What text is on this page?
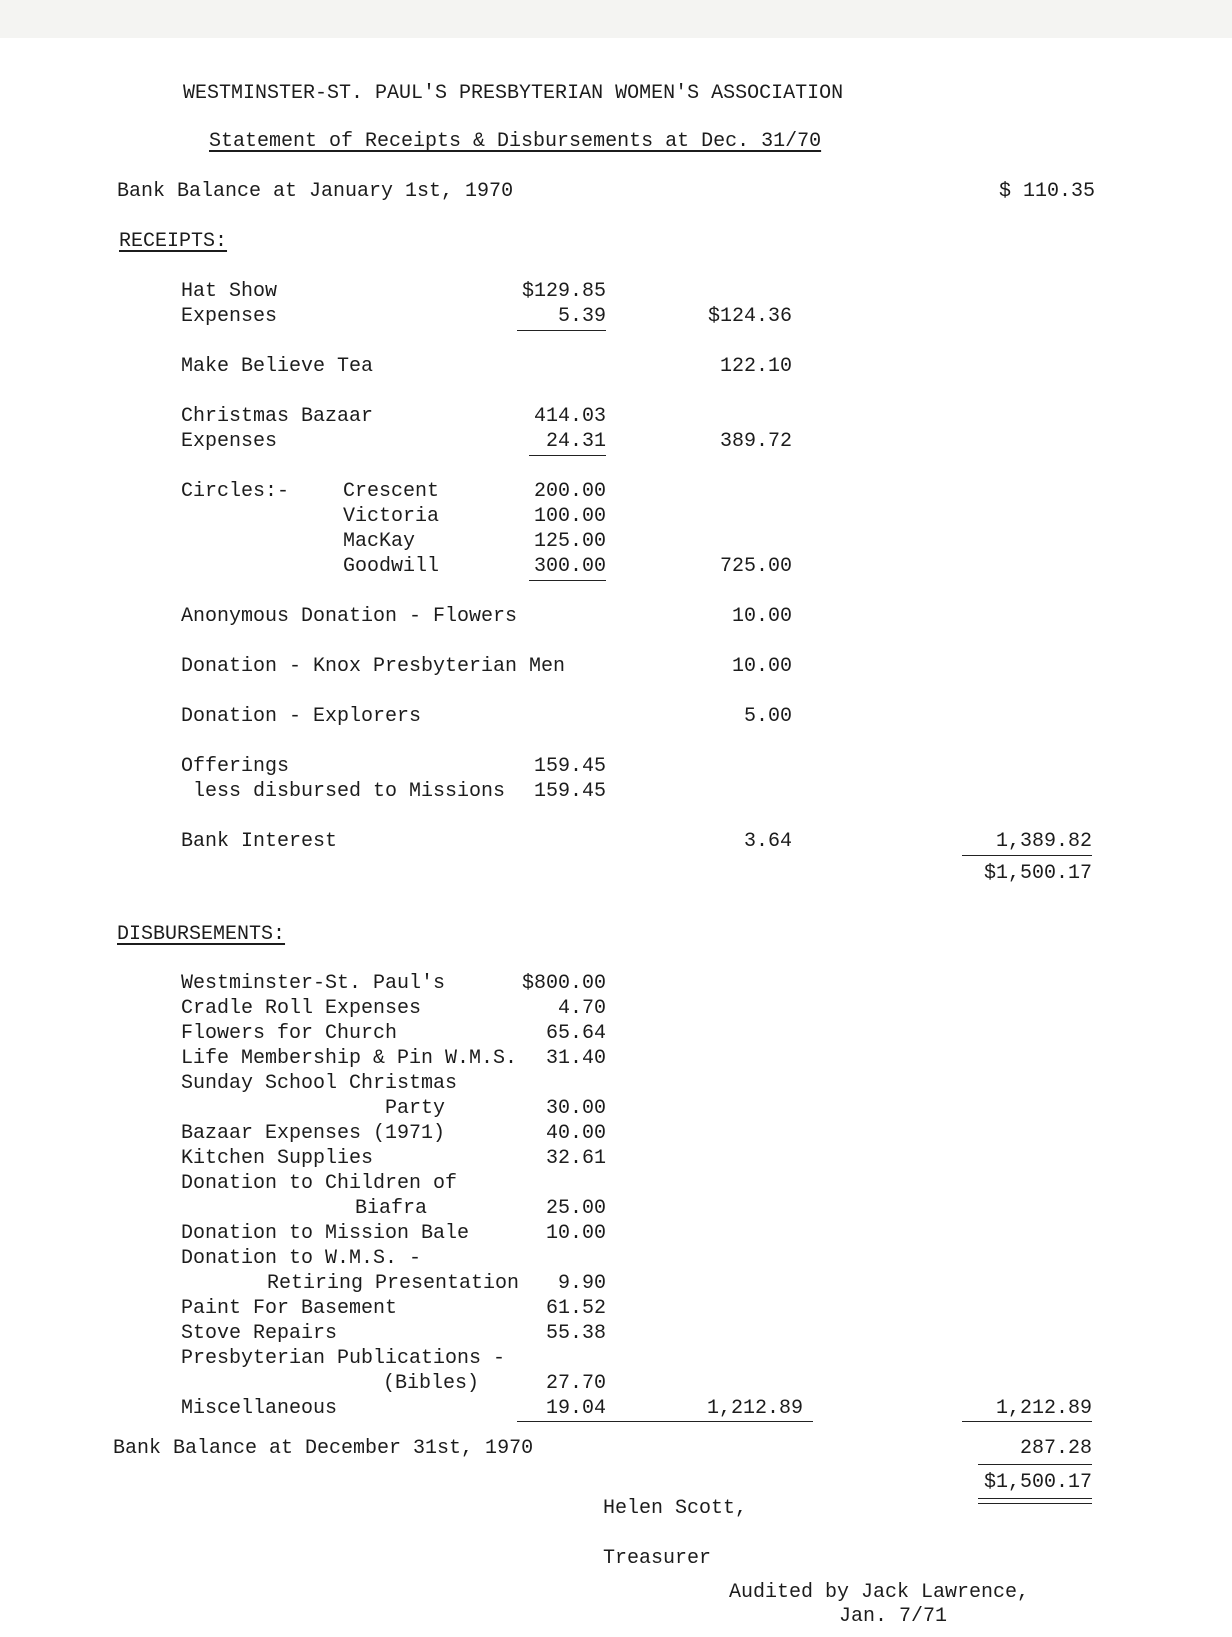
WESTMINSTER-ST. PAUL'S PRESBYTERIAN WOMEN'S ASSOCIATION
Statement of Receipts & Disbursements at Dec. 31/70
Bank Balance at January 1st, 1970	$ 110.35
RECEIPTS:
Hat Show	$129.85
Expenses	5.39	$124.36
Make Believe Tea	122.10
Christmas Bazaar	414.03
Expenses	24.31	389.72
Circles:-	Crescent	200.00
Victoria	100.00
MacKay	125.00
Goodwill	300.00	725.00
Anonymous Donation - Flowers	10.00
Donation - Knox Presbyterian Men	10.00
Donation - Explorers	5.00
Offerings	159.45
less disbursed to Missions 159.45
Bank Interest	3.64	1,389.82
$1,500.17
DISBURSEMENTS:
Westminster-St. Paul's	$800.00
Cradle Roll Expenses	4.70
Flowers for Church	65.64
Life Membership & Pin W.M.S. 31.40
Sunday School Christmas
Party	30.00
Bazaar Expenses (1971)	40.00
Kitchen Supplies	32.61
Donation to Children of
Biafra	25.00
Donation to Mission Bale	10.00
Donation to W.M.S. -
Retiring Presentation 9.90
Paint For Basement	61.52
Stove Repairs	55.38
Presbyterian Publications -
(Bibles)	27.70
Miscellaneous	19.04	1,212.89	1,212.89
Bank Balance at December 31st, 1970	287.28
$1,500.17
Helen Scott,
Treasurer
Audited by Jack Lawrence,
Jan. 7/71
